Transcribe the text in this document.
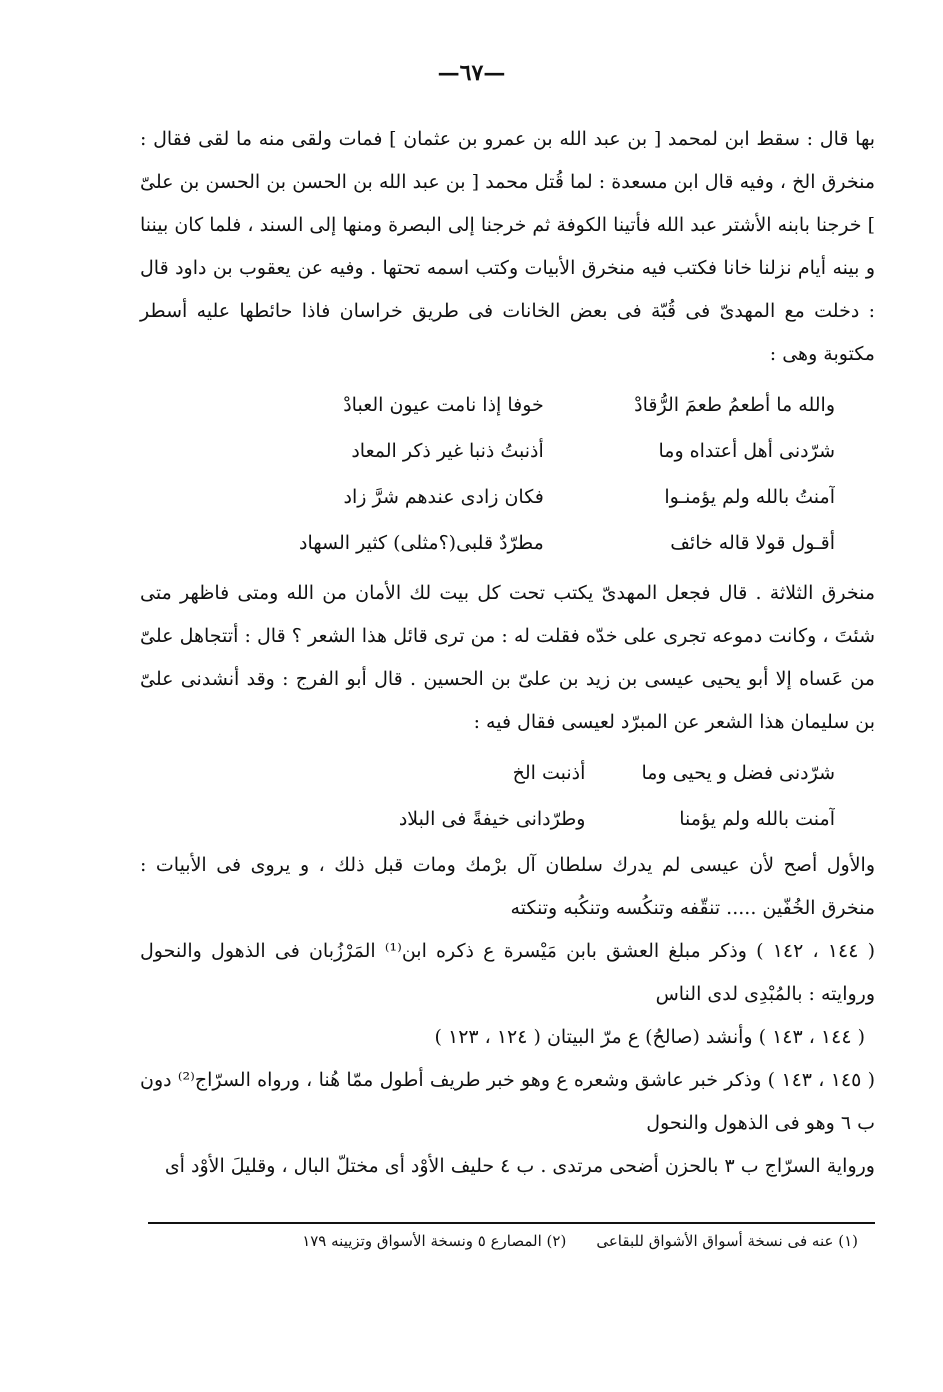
—٦٧—

بها قال : سقط ابن لمحمد [ بن عبد الله بن عمرو بن عثمان ] فمات ولقى منه ما لقى فقال : منخرق الخ ، وفيه قال ابن مسعدة : لما قُتل محمد [ بن عبد الله بن الحسن بن الحسن بن علىّ ] خرجنا بابنه الأشتر عبد الله فأتينا الكوفة ثم خرجنا إلى البصرة ومنها إلى السند ، فلما كان بيننا و بينه أيام نزلنا خانا فكتب فيه منخرق الأبيات وكتب اسمه تحتها . وفيه عن يعقوب بن داود قال : دخلت مع المهدىّ فى قُبّة فى بعض الخانات فى طريق خراسان فاذا حائطها عليه أسطر مكتوبة وهى :

والله ما أطعمُ طعمَ الرُّقادْ
خوفا إذا نامت عيون العبادْ
شرّدنى أهل أعتداه وما
أذنبتُ ذنبا غير ذكر المعاد
آمنتُ بالله ولم يؤمنـوا
فكان زادى عندهم شرَّ زاد
أقـول قولا قاله خائف
مطرّدٌ قلبى(؟مثلى) كثير السهاد

منخرق الثلاثة . قال فجعل المهدىّ يكتب تحت كل بيت لك الأمان من الله ومتى فاظهر متى شئتَ ، وكانت دموعه تجرى على خدّه فقلت له : من ترى قائل هذا الشعر ؟ قال : أتتجاهل علىّ من عَساه إلا أبو يحيى عيسى بن زيد بن علىّ بن الحسين . قال أبو الفرج : وقد أنشدنى علىّ بن سليمان هذا الشعر عن المبرّد لعيسى فقال فيه :

شرّدنى فضل و يحيى وما
أذنبت الخ
آمنت بالله ولم يؤمنا
وطرّدانى خيفةً فى البلاد

والأول أصح لأن عيسى لم يدرك سلطان آل برْمك ومات قبل ذلك ، و يروى فى الأبيات : منخرق الخُفّين ..... تنقّفه وتنكُسه وتنكُبه وتنكته

( ١٤٤ ، ١٤٢ ) وذكر مبلغ العشق بابن مَيْسرة ع ذكره ابن⁽¹⁾ المَرْزُبان فى الذهول والنحول وروايته : بالمُبْدِى لدى الناس

( ١٤٤ ، ١٤٣ ) وأنشد (صالحُ) ع مرّ البيتان ( ١٢٤ ، ١٢٣ )

( ١٤٥ ، ١٤٣ ) وذكر خبر عاشق وشعره ع وهو خبر طريف أطول ممّا هُنا ، ورواه السرّاج⁽²⁾ دون ب ٦ وهو فى الذهول والنحول

ورواية السرّاج ب ٣ بالحزن أضحى مرتدى . ب ٤ حليف الأوْد أى مختلّ البال ، وقليلَ الأوْد أى

(١) عنه فى نسخة أسواق الأشواق للبقاعى
(٢) المصارع ٥ ونسخة الأسواق وتزيينه ١٧٩
